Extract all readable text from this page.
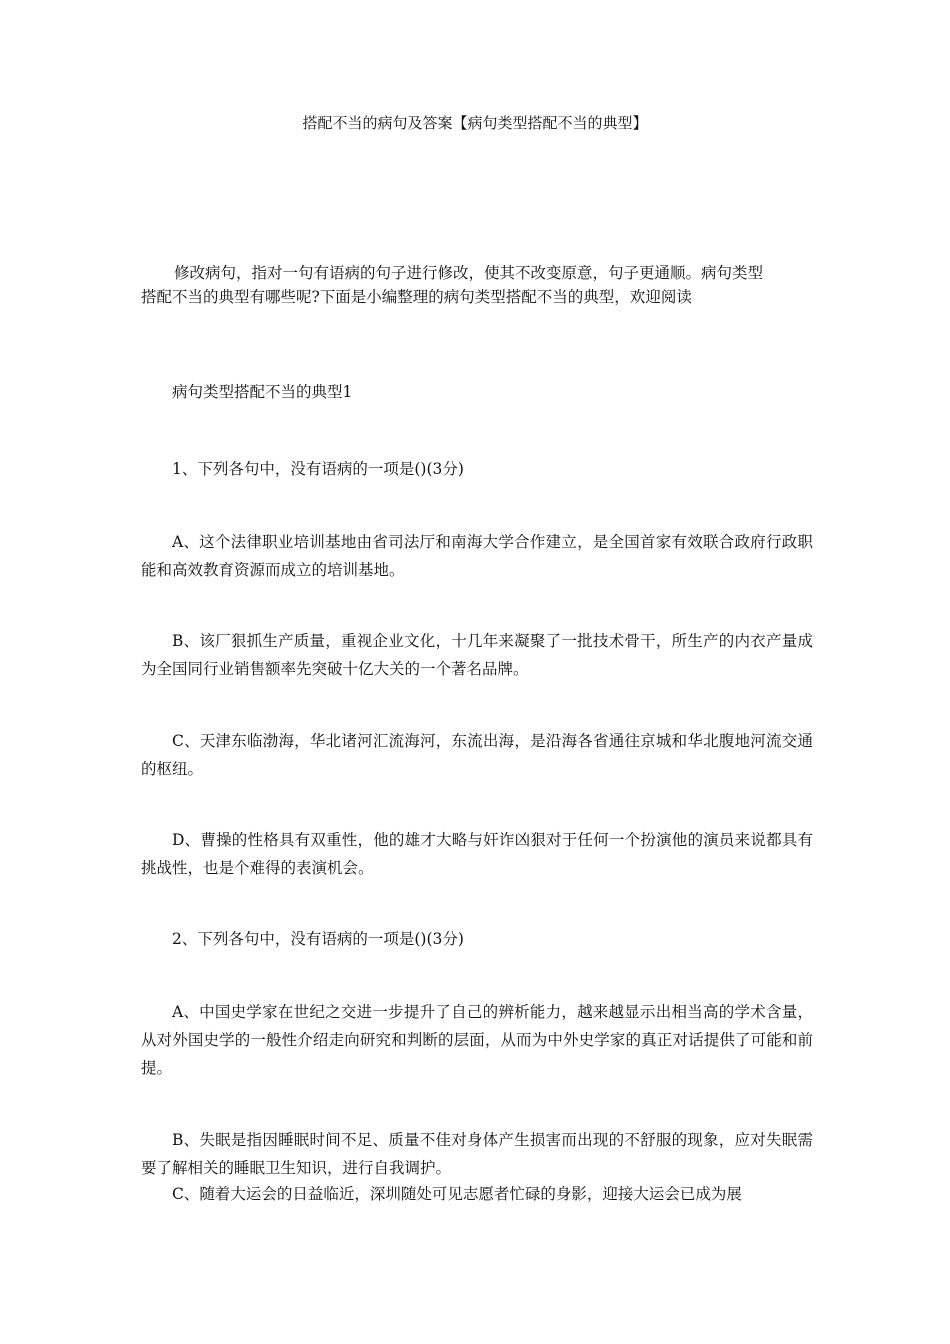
搭配不当的病句及答案【病句类型搭配不当的典型】
修改病句，指对一句有语病的句子进行修改，使其不改变原意，句子更通顺。病句类型
搭配不当的典型有哪些呢?下面是小编整理的病句类型搭配不当的典型，欢迎阅读

病句类型搭配不当的典型1

1、下列各句中，没有语病的一项是()(3分)

A、这个法律职业培训基地由省司法厅和南海大学合作建立，是全国首家有效联合政府行政职能和高效教育资源而成立的培训基地。

B、该厂狠抓生产质量，重视企业文化，十几年来凝聚了一批技术骨干，所生产的内衣产量成为全国同行业销售额率先突破十亿大关的一个著名品牌。

C、天津东临渤海，华北诸河汇流海河，东流出海，是沿海各省通往京城和华北腹地河流交通的枢纽。

D、曹操的性格具有双重性，他的雄才大略与奸诈凶狠对于任何一个扮演他的演员来说都具有挑战性，也是个难得的表演机会。

2、下列各句中，没有语病的一项是()(3分)

A、中国史学家在世纪之交进一步提升了自己的辨析能力，越来越显示出相当高的学术含量，从对外国史学的一般性介绍走向研究和判断的层面，从而为中外史学家的真正对话提供了可能和前提。

B、失眠是指因睡眠时间不足、质量不佳对身体产生损害而出现的不舒服的现象，应对失眠需要了解相关的睡眠卫生知识，进行自我调护。

C、随着大运会的日益临近，深圳随处可见志愿者忙碌的身影，迎接大运会已成为展
